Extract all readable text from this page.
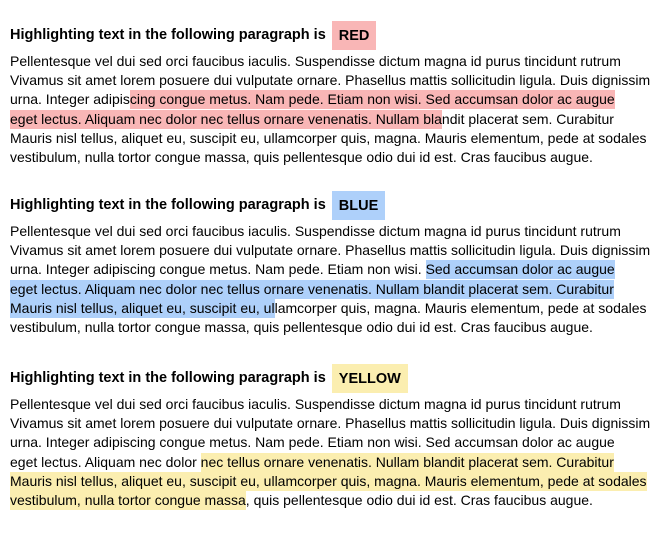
Highlighting text in the following paragraph is RED
Pellentesque vel dui sed orci faucibus iaculis. Suspendisse dictum magna id purus tincidunt rutrum
Vivamus sit amet lorem posuere dui vulputate ornare. Phasellus mattis sollicitudin ligula. Duis dignissim
urna. Integer adipiscing congue metus. Nam pede. Etiam non wisi. Sed accumsan dolor ac augue
eget lectus. Aliquam nec dolor nec tellus ornare venenatis. Nullam blandit placerat sem. Curabitur
Mauris nisl tellus, aliquet eu, suscipit eu, ullamcorper quis, magna. Mauris elementum, pede at sodales
vestibulum, nulla tortor congue massa, quis pellentesque odio dui id est. Cras faucibus augue.
Highlighting text in the following paragraph is BLUE
Pellentesque vel dui sed orci faucibus iaculis. Suspendisse dictum magna id purus tincidunt rutrum
Vivamus sit amet lorem posuere dui vulputate ornare. Phasellus mattis sollicitudin ligula. Duis dignissim
urna. Integer adipiscing congue metus. Nam pede. Etiam non wisi. Sed accumsan dolor ac augue
eget lectus. Aliquam nec dolor nec tellus ornare venenatis. Nullam blandit placerat sem. Curabitur
Mauris nisl tellus, aliquet eu, suscipit eu, ullamcorper quis, magna. Mauris elementum, pede at sodales
vestibulum, nulla tortor congue massa, quis pellentesque odio dui id est. Cras faucibus augue.
Highlighting text in the following paragraph is YELLOW
Pellentesque vel dui sed orci faucibus iaculis. Suspendisse dictum magna id purus tincidunt rutrum
Vivamus sit amet lorem posuere dui vulputate ornare. Phasellus mattis sollicitudin ligula. Duis dignissim
urna. Integer adipiscing congue metus. Nam pede. Etiam non wisi. Sed accumsan dolor ac augue
eget lectus. Aliquam nec dolor nec tellus ornare venenatis. Nullam blandit placerat sem. Curabitur
Mauris nisl tellus, aliquet eu, suscipit eu, ullamcorper quis, magna. Mauris elementum, pede at sodales
vestibulum, nulla tortor congue massa, quis pellentesque odio dui id est. Cras faucibus augue.
